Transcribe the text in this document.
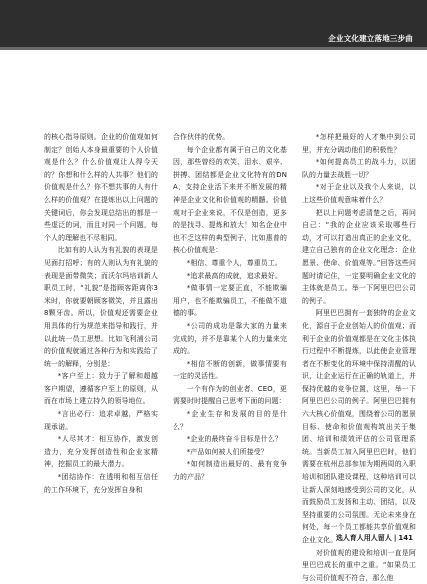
企业文化建立落地三步曲

的核心指导原则。企业的价值观如何制定？创始人本身最重要的个人价值观是什么？什么价值观让人得今天的？你想和什么样的人共事？他们的价值观是什么？你不想共事的人有什么样的价值观？在提炼出以上问题的关键词后，你会发现总结出的都是一些虚泛的词，而且对同一个问题，每个人的理解也不尽相同。

比如有的人认为有礼貌的表现是见面打招呼；有的人则认为有礼貌的表现是面带微笑；而沃尔玛培训新人职员工时，“礼貌”是指顾客距离你3米时，你就要朝顾客微笑，并且露出8颗牙齿。所以，价值观还需要企业用具体的行为规范来指导和践行，并以此统一员工思想。比如飞利浦公司的价值观就通过各种行为和实践给了统一的解释，分别是：

*客户至上：致力于了解和超越客户期望，遵循客户至上的原则，从而在市场上建立持久的领导地位。

*言出必行：追求卓越，严格实现承诺。

*人尽其才：相互协作，激发创造力，充分发挥创造性和企业家精神，挖掘员工的最大潜力。

*团结协作：在透明和相互信任的工作环境下，充分发挥自身和

合作伙伴的优势。

每个企业都有属于自己的文化基因，那些曾经的欢笑、泪水、艰辛、拼搏、团结都是企业文化特有的DNA，支持企业活下来并不断发展的精神是企业文化和价值观的精髓。价值观对于企业来说，不仅是创造，更多的是找寻、提炼和放大！知名企业中也不乏这样的典型例子，比如惠普的核心价值观是：

*相信、尊重个人，尊重员工。

*追求最高的成就，追求最好。

*做事情一定要正直，不能欺骗用户，也不能欺骗员工，不能做不道德的事。

*公司的成功是靠大家的力量来完成的，并不是靠某个人的力量来完成的。

*相信不断的创新，做事情要有一定的灵活性。

一个有作为的创业者、CEO，更需要时时提醒自己思考下面的问题：

*企业生存和发展的目的是什么？

*企业的最终奋斗目标是什么？

*产品如何被人们所接受？

*如何制造出最好的、最有竞争力的产品？

*怎样把最好的人才集中到公司里，并充分调动他们的积极性？

*如何提高员工的战斗力，以团队的力量去战胜一切？

*对于企业以及我个人来说，以上这些价值观意味着什么？

把以上问题考虑清楚之后，再问自己：“我的企业应该采取哪些行动，才可以打造出真正的企业文化，建立自己独有的企业文化理念：企业愿景、使命、价值观等。”回答这些问题时请记住，一定要明确企业文化的主体就是员工。举一下阿里巴巴公司的例子。

阿里巴巴拥有一套独特的企业文化，源自于企业创始人的价值观；而利于企业的价值观都是在文化主体执行过程中不断提炼，以此使企业管理者在不断变化的环境中保持清醒的认识，让企业运行在正确的轨道上，并保持优越的竞争位置，这里，举一下阿里巴巴公司的例子。阿里巴巴拥有六大核心价值观，围绕着公司的愿景目标、使命和价值观构筑出关于集团、培训和绩效评估的公司管理系统。当新员工加入阿里巴巴时，他们需要在杭州总部参加为期两周的入职培训和团队建设课程，这种培训可以让新人深刻地感受到公司的文化，从而鼓励员工发扬和主动、团结，以及坚持重要的公司氛围。无论未来身在何处，每一个员工都能共享价值观和企业文化。

对价值观的建设和培训一直是阿里巴巴成长的重中之重。“如果员工与公司价值观不符合，那么他

选人育人用人留人 | 141
